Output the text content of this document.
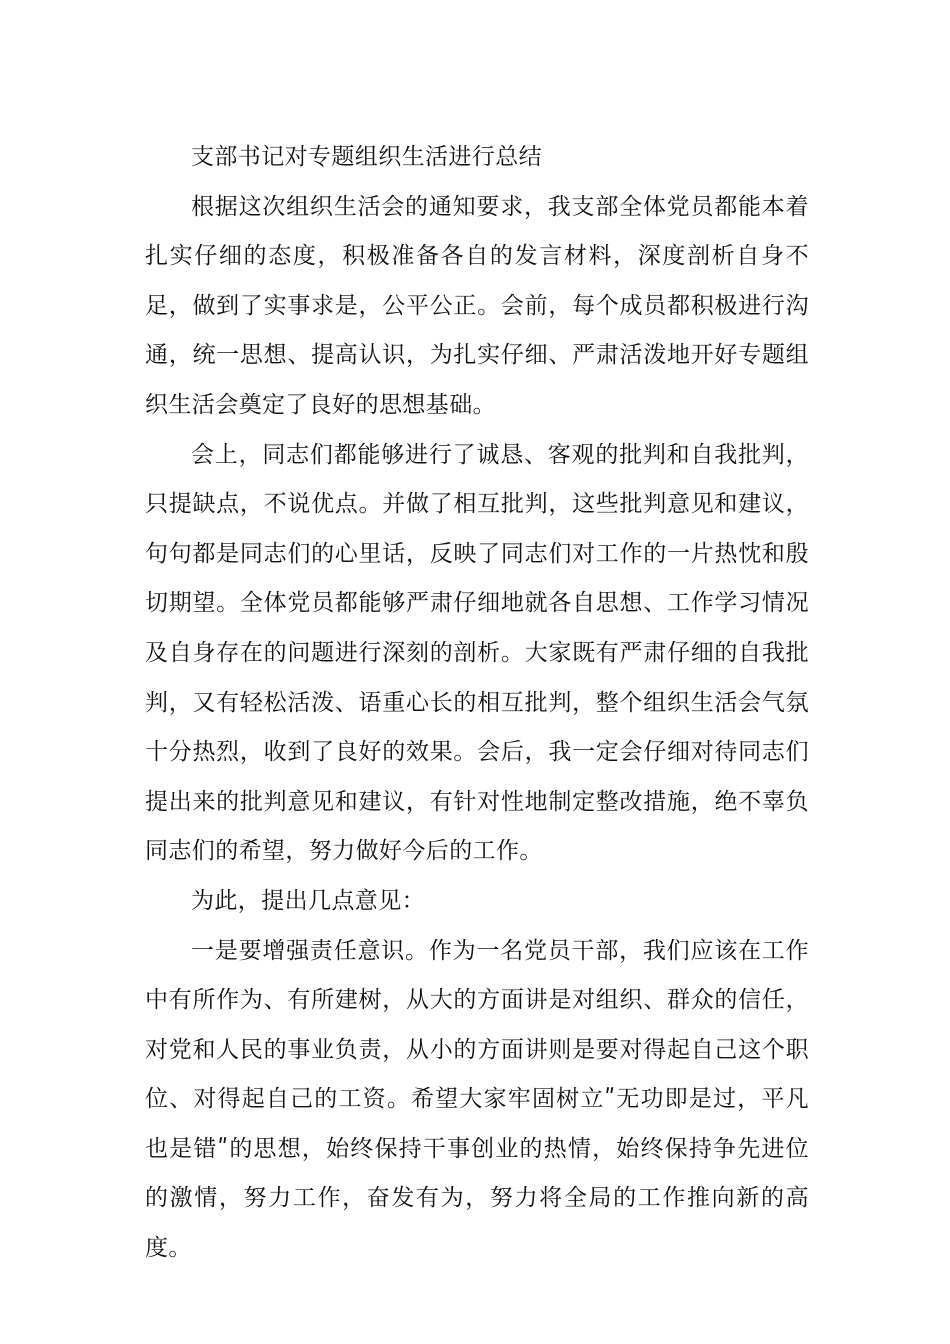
支部书记对专题组织生活进行总结

根据这次组织生活会的通知要求，我支部全体党员都能本着扎实仔细的态度，积极准备各自的发言材料，深度剖析自身不足，做到了实事求是，公平公正。会前，每个成员都积极进行沟通，统一思想、提高认识，为扎实仔细、严肃活泼地开好专题组织生活会奠定了良好的思想基础。

会上，同志们都能够进行了诚恳、客观的批判和自我批判，只提缺点，不说优点。并做了相互批判，这些批判意见和建议，句句都是同志们的心里话，反映了同志们对工作的一片热忱和殷切期望。全体党员都能够严肃仔细地就各自思想、工作学习情况及自身存在的问题进行深刻的剖析。大家既有严肃仔细的自我批判，又有轻松活泼、语重心长的相互批判，整个组织生活会气氛十分热烈，收到了良好的效果。会后，我一定会仔细对待同志们提出来的批判意见和建议，有针对性地制定整改措施，绝不辜负同志们的希望，努力做好今后的工作。

为此，提出几点意见：

一是要增强责任意识。作为一名党员干部，我们应该在工作中有所作为、有所建树，从大的方面讲是对组织、群众的信任，对党和人民的事业负责，从小的方面讲则是要对得起自己这个职位、对得起自己的工资。希望大家牢固树立ʺ无功即是过，平凡也是错ʺ的思想，始终保持干事创业的热情，始终保持争先进位的激情，努力工作，奋发有为，努力将全局的工作推向新的高度。
